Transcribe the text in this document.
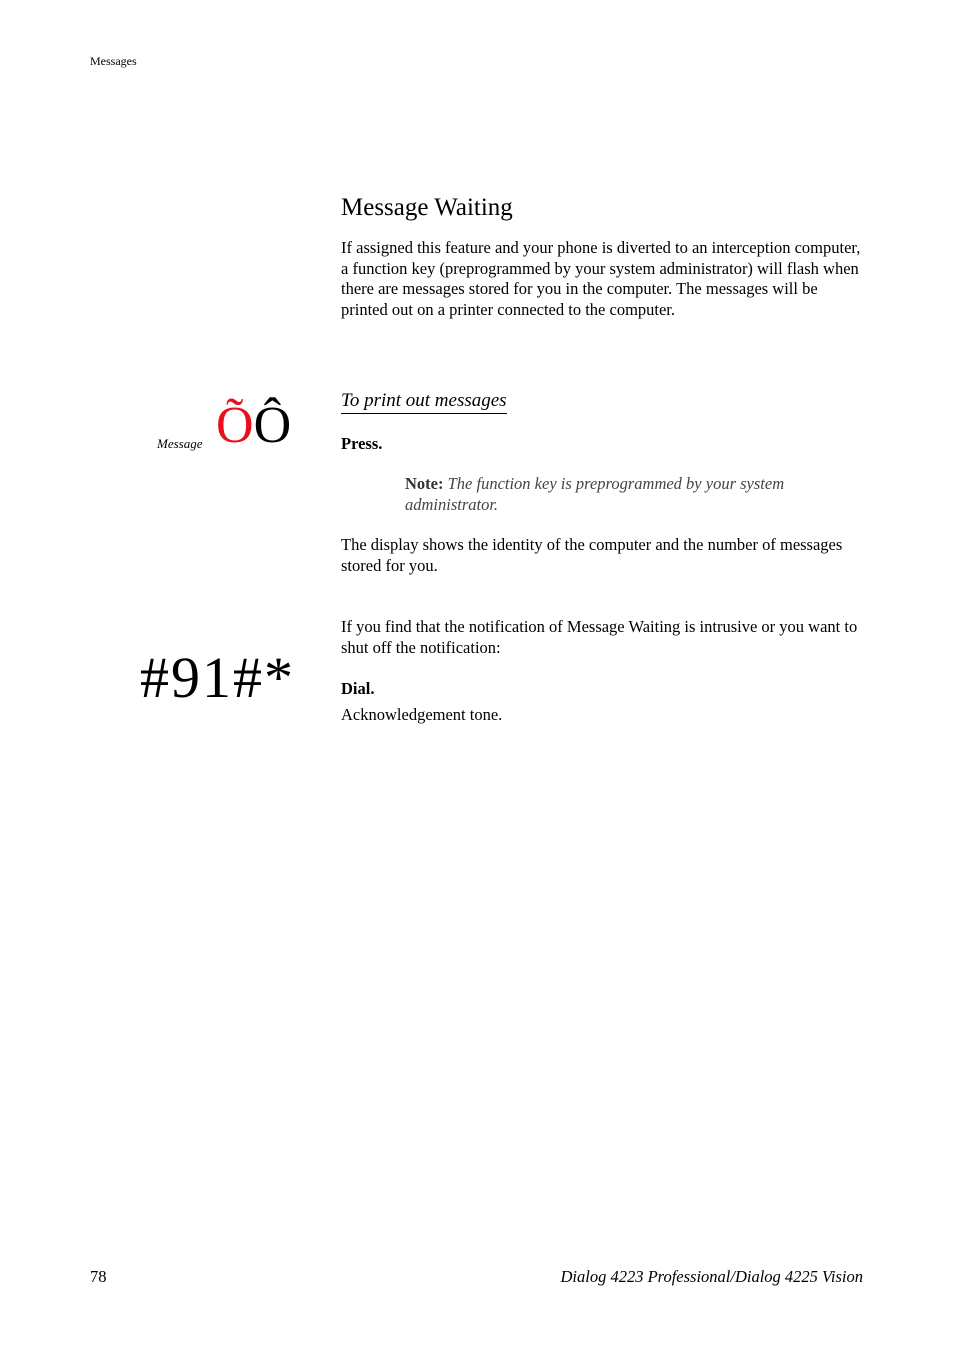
Messages
Message Waiting

If assigned this feature and your phone is diverted to an interception computer, a function key (preprogrammed by your system administrator) will flash when there are messages stored for you in the computer. The messages will be printed out on a printer connected to the computer.

To print out messages
Message ÕÔ	Press.
Note: The function key is preprogrammed by your system administrator.

The display shows the identity of the computer and the number of messages stored for you.

If you find that the notification of Message Waiting is intrusive or you want to shut off the notification:

#91#*	Dial.

Acknowledgement tone.

78	Dialog 4223 Professional/Dialog 4225 Vision
